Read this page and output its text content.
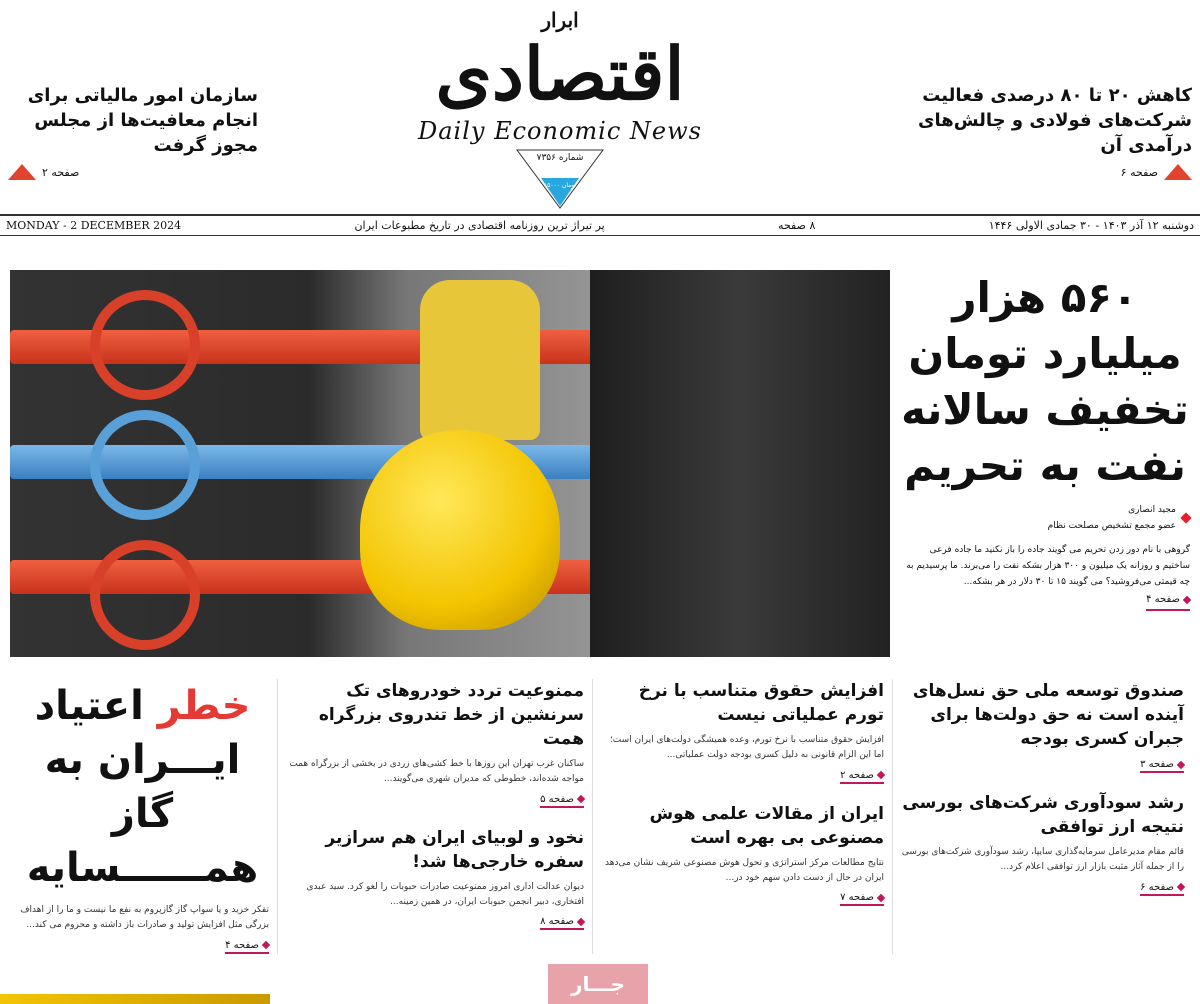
سازمان امور مالیاتی برای انجام معافیت‌ها از مجلس مجوز گرفت
صفحه ۲
ابرار
اقتصادی
Daily Economic News
شماره ۷۳۵۶
۱۵۰۰۰ تومان
کاهش ۲۰ تا ۸۰ درصدی فعالیت شرکت‌های فولادی و چالش‌های درآمدی آن
صفحه ۶
دوشنبه ۱۲ آذر ۱۴۰۳ - ۳۰ جمادی الاولی ۱۴۴۶
۸ صفحه
پر تیراژ ترین روزنامه اقتصادی در تاریخ مطبوعات ایران
MONDAY - 2 DECEMBER 2024
۵۶۰ هزار
میلیارد تومان
تخفیف سالانه
نفت به تحریم
مجید انصاری
عضو مجمع تشخیص مصلحت نظام
گروهی با نام دور زدن تحریم می گویند جاده را باز نکنید ما جاده فرعی ساختیم و روزانه یک میلیون و ۳۰۰ هزار بشکه نفت را می‌برند. ما پرسیدیم به چه قیمتی می‌فروشید؟ می گویند ۱۵ تا ۳۰ دلار در هر بشکه...
صفحه ۴
صندوق توسعه ملی حق نسل‌های آینده است نه حق دولت‌ها برای جبران کسری بودجه
صفحه ۳
رشد سودآوری شرکت‌های بورسی نتیجه ارز توافقی

قائم مقام مدیرعامل سرمایه‌گذاری سایپا، رشد سودآوری شرکت‌های بورسی را از جمله آثار مثبت بازار ارز توافقی اعلام کرد...

صفحه ۶
افزایش حقوق متناسب با نرخ تورم عملیاتی نیست

افزایش حقوق متناسب با نرخ تورم، وعده همیشگی دولت‌های ایران است؛ اما این الزام قانونی به دلیل کسری بودجه دولت عملیاتی...

صفحه ۲
ایران از مقالات علمی هوش مصنوعی بی بهره است

نتایج مطالعات مرکز استراتژی و تحول هوش مصنوعی شریف نشان می‌دهد ایران در حال از دست دادن سهم خود در...

صفحه ۷
ممنوعیت تردد خودروهای تک سرنشین از خط تندروی بزرگراه همت

ساکنان غرب تهران این روزها با خط کشی‌های زردی در بخشی از بزرگراه همت مواجه شده‌اند، خطوطی که مدیران شهری می‌گویند...

صفحه ۵
نخود و لوبیای ایران هم سرازیر سفره خارجی‌ها شد!

دیوان عدالت اداری امروز ممنوعیت صادرات حبوبات را لغو کرد. سید عبدی افتخاری، دبیر انجمن حبوبات ایران، در همین زمینه...

صفحه ۸
خطر اعتیاد
ایـــران به گاز
همــــــسایه

تفکر خرید و یا سواپ گاز گازپروم به نفع ما نیست و ما را از اهداف بزرگی مثل افزایش تولید و صادرات باز داشته و محروم می کند...

صفحه ۴
جـــار
